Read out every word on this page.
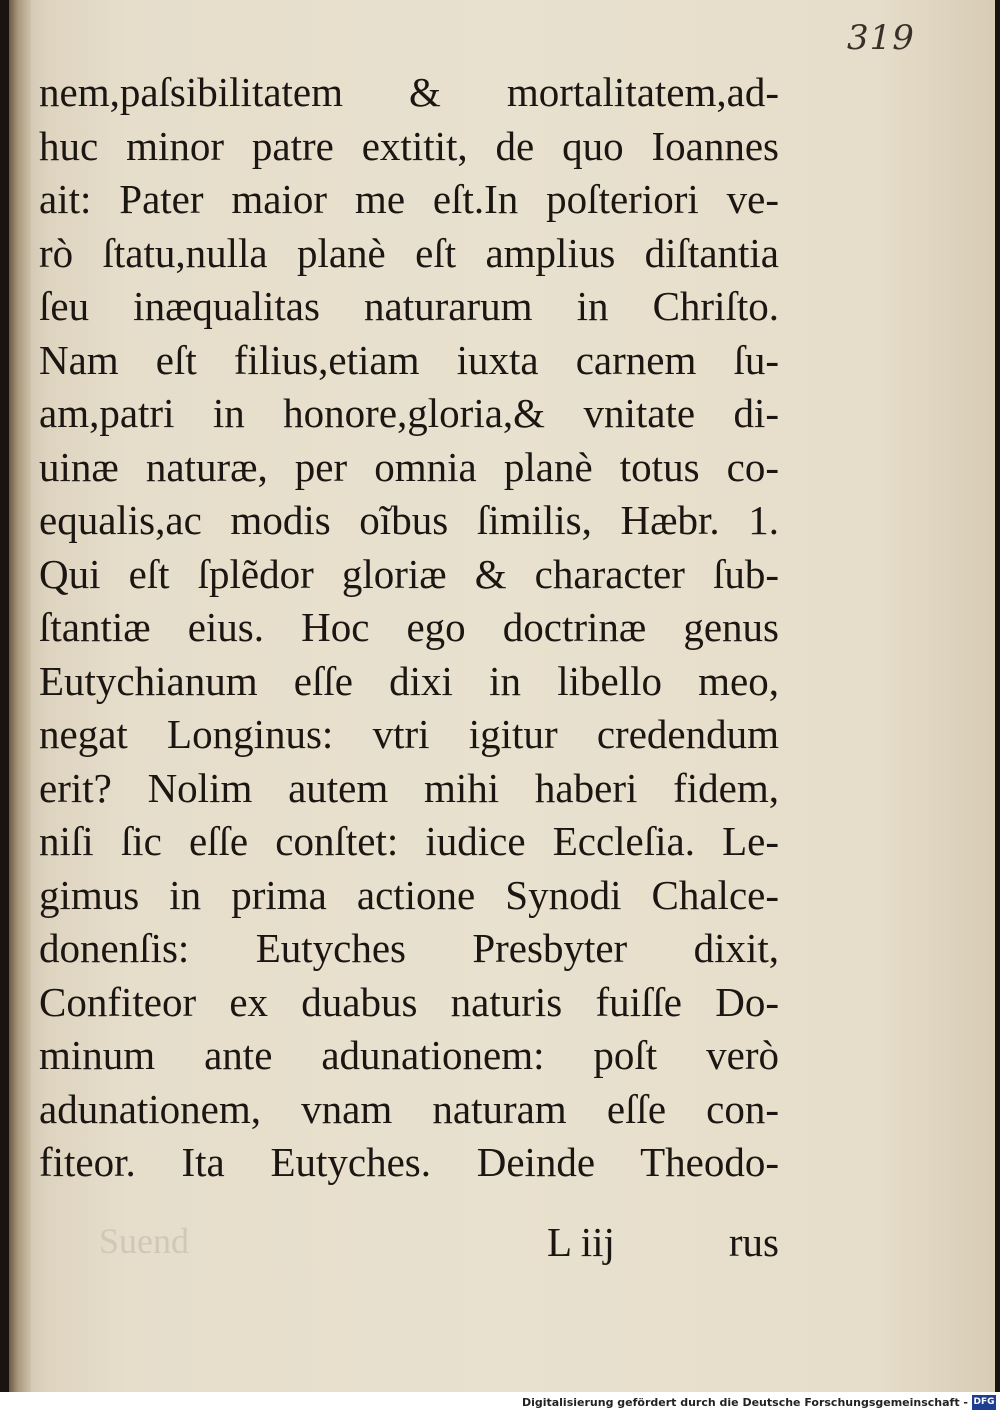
319
nem,paſsibilitatem & mortalitatem,ad-
huc minor patre extitit, de quo Ioannes
ait: Pater maior me eſt.In poſteriori ve-
rò ſtatu,nulla planè eſt amplius diſtantia
ſeu inæqualitas naturarum in Chriſto.
Nam eſt filius,etiam iuxta carnem ſu-
am,patri in honore,gloria,& vnitate di-
uinæ naturæ, per omnia planè totus co-
equalis,ac modis oĩbus ſimilis, Hæbr. 1.
Qui eſt ſplẽdor gloriæ & character ſub-
ſtantiæ eius. Hoc ego doctrinæ genus
Eutychianum eſſe dixi in libello meo,
negat Longinus: vtri igitur credendum
erit? Nolim autem mihi haberi fidem,
niſi ſic eſſe conſtet: iudice Eccleſia. Le-
gimus in prima actione Synodi Chalce-
donenſis: Eutyches Presbyter dixit,
Confiteor ex duabus naturis fuiſſe Do-
minum ante adunationem: poſt verò
adunationem, vnam naturam eſſe con-
fiteor. Ita Eutyches. Deinde Theodo-
Suend	L iij	rus
Digitalisierung gefördert durch die Deutsche Forschungsgemeinschaft - DFG
